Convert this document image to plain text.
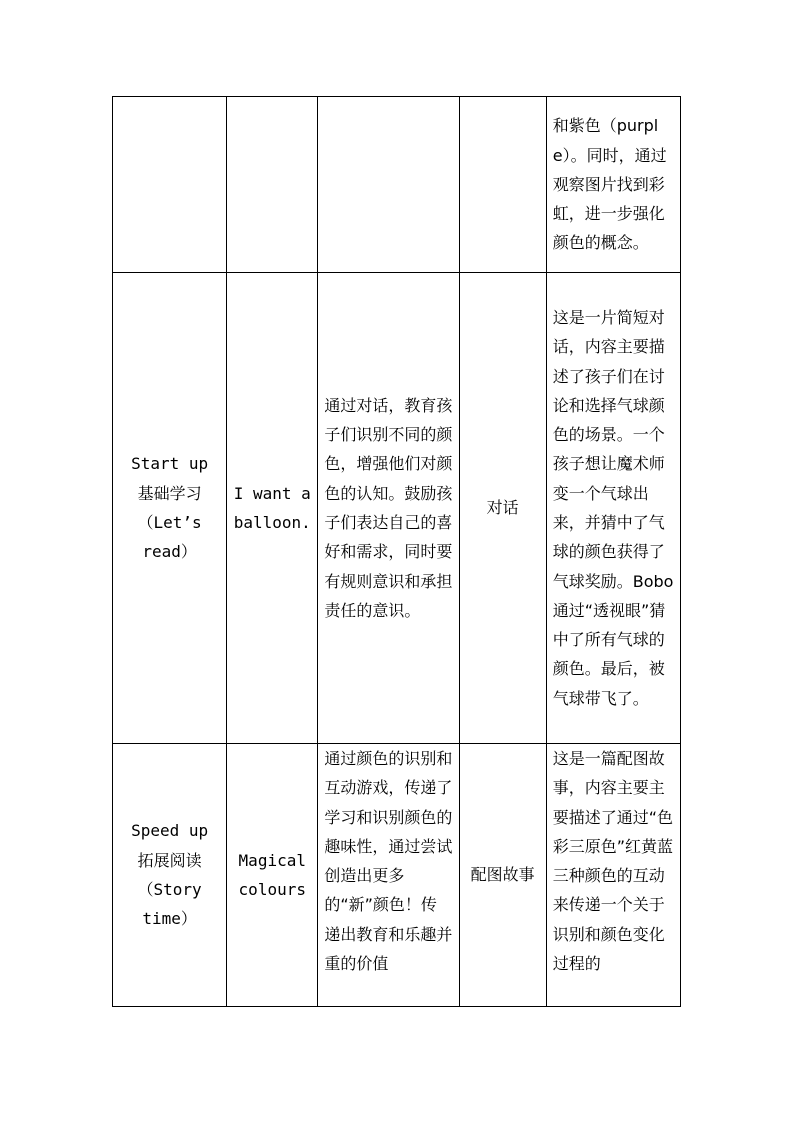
				和紫色（purple）。同时，通过观察图片找到彩虹，进一步强化颜色的概念。
Start up
基础学习
（Let’s
read）	I want a balloon.	通过对话，教育孩子们识别不同的颜色，增强他们对颜色的认知。鼓励孩子们表达自己的喜好和需求，同时要有规则意识和承担责任的意识。	对话	这是一片简短对话，内容主要描述了孩子们在讨论和选择气球颜色的场景。一个孩子想让魔术师变一个气球出来，并猜中了气球的颜色获得了气球奖励。Bobo通过“透视眼”猜中了所有气球的颜色。最后，被气球带飞了。
Speed up
拓展阅读
（Story
time）	Magical colours	通过颜色的识别和互动游戏，传递了学习和识别颜色的趣味性，通过尝试创造出更多的“新”颜色！传递出教育和乐趣并重的价值	配图故事	这是一篇配图故事，内容主要主要描述了通过“色彩三原色”红黄蓝三种颜色的互动来传递一个关于识别和颜色变化过程的
